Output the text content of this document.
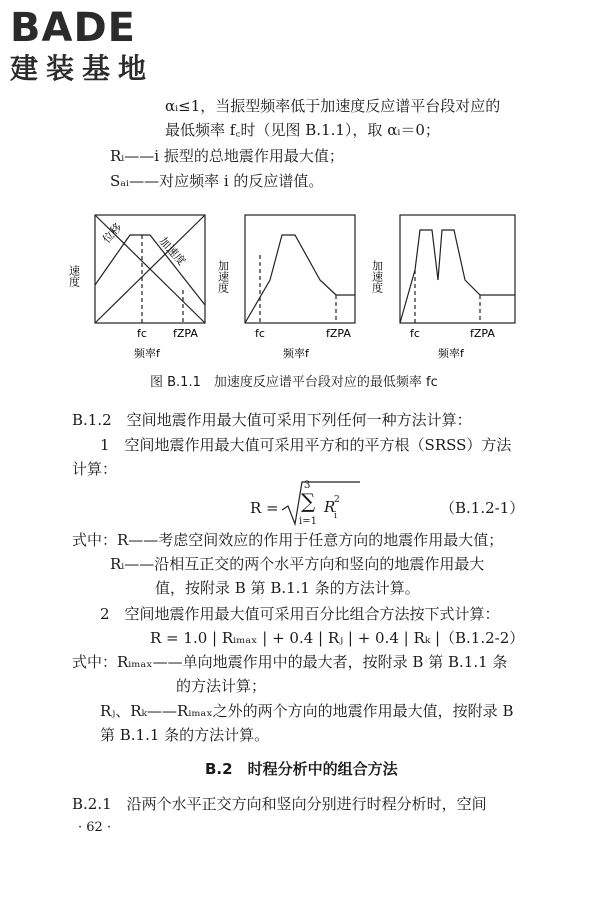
BADE
建装基地
αᵢ≤1，当振型频率低于加速度反应谱平台段对应的
最低频率 f꜀时（见图 B.1.1），取 αᵢ＝0；
Rᵢ——i 振型的总地震作用最大值；
Sₐᵢ——对应频率 i 的反应谱值。
速度
位移
加速度
fc fZPA
频率f
加速度
fc	fZPA
频率f
加速度
fc	fZPA
频率f
图 B.1.1　加速度反应谱平台段对应的最低频率 fc
B.1.2　空间地震作用最大值可采用下列任何一种方法计算：
1　空间地震作用最大值可采用平方和的平方根（SRSS）方法
计算：
R =
3
∑
i=1
R
2
i	（B.1.2-1）
式中：R——考虑空间效应的作用于任意方向的地震作用最大值；
Rᵢ——沿相互正交的两个水平方向和竖向的地震作用最大
值，按附录 B 第 B.1.1 条的方法计算。
2　空间地震作用最大值可采用百分比组合方法按下式计算：
R = 1.0 | Rᵢₘₐₓ | + 0.4 | Rⱼ | + 0.4 | Rₖ | （B.1.2-2）
式中：Rᵢₘₐₓ——单向地震作用中的最大者，按附录 B 第 B.1.1 条
的方法计算；
Rⱼ、Rₖ——Rᵢₘₐₓ之外的两个方向的地震作用最大值，按附录 B
第 B.1.1 条的方法计算。
B.2　时程分析中的组合方法
B.2.1　沿两个水平正交方向和竖向分别进行时程分析时，空间
· 62 ·
